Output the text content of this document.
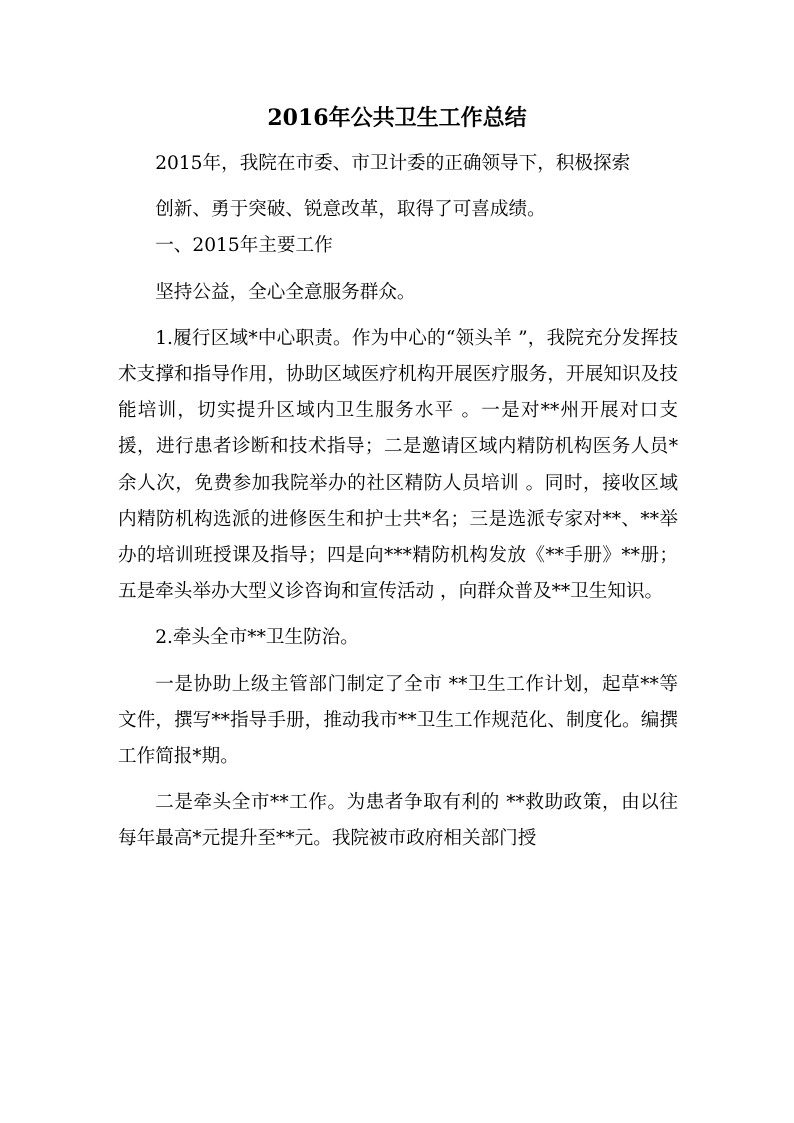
2016年公共卫生工作总结

2015年，我院在市委、市卫计委的正确领导下，积极探索

创新、勇于突破、锐意改革，取得了可喜成绩。

一、2015年主要工作

坚持公益，全心全意服务群众。

1.履行区域*中心职责。作为中心的“领头羊 ”，我院充分发挥技术支撑和指导作用，协助区域医疗机构开展医疗服务，开展知识及技能培训，切实提升区域内卫生服务水平 。一是对**州开展对口支援，进行患者诊断和技术指导；二是邀请区域内精防机构医务人员*余人次，免费参加我院举办的社区精防人员培训 。同时，接收区域内精防机构选派的进修医生和护士共*名；三是选派专家对**、**举办的培训班授课及指导；四是向***精防机构发放《**手册》**册；五是牵头举办大型义诊咨询和宣传活动 ，向群众普及**卫生知识。

2.牵头全市**卫生防治。

一是协助上级主管部门制定了全市 **卫生工作计划，起草**等文件，撰写**指导手册，推动我市**卫生工作规范化、制度化。编撰工作简报*期。

二是牵头全市**工作。为患者争取有利的 **救助政策，由以往每年最高*元提升至**元。我院被市政府相关部门授
